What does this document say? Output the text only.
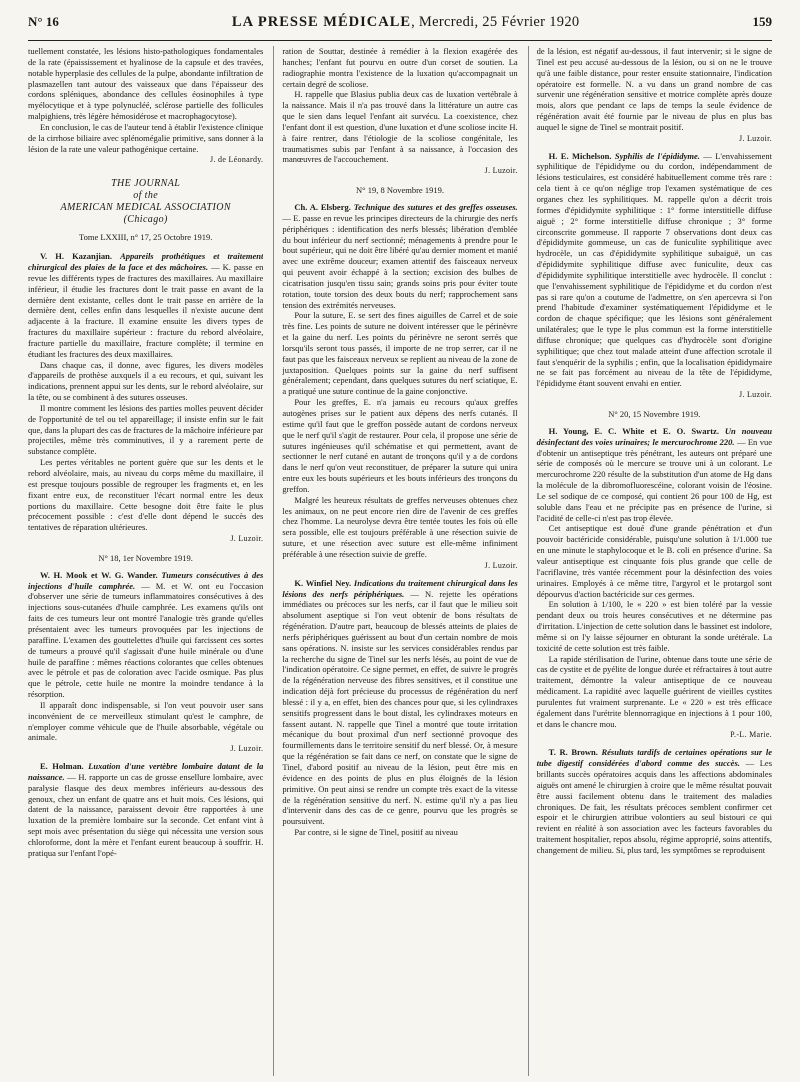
N° 16	LA PRESSE MÉDICALE, Mercredi, 25 Février 1920	159

tuellement constatée, les lésions histo-pathologiques fondamentales de la rate (épaississement et hyalinose de la capsule et des travées, notable hyperplasie des cellules de la pulpe, abondante infiltration de plasmazellen tant autour des vaisseaux que dans l'épaisseur des cordons spléniques, abondance des cellules éosinophiles à type myélocytique et à type polynucléé, sclérose partielle des follicules malpighiens, très légère hémosidérose et macrophagocytose).

En conclusion, le cas de l'auteur tend à établir l'existence clinique de la cirrhose biliaire avec splénomégalie primitive, sans donner à la lésion de la rate une valeur pathogénique certaine.

J. de Léonardy.
THE JOURNAL
of the
AMERICAN MEDICAL ASSOCIATION
(Chicago)
Tome LXXIII, n° 17, 25 Octobre 1919.

V. H. Kazanjian. Appareils prothétiques et traitement chirurgical des plaies de la face et des mâchoires. — K. passe en revue les différents types de fractures des maxillaires. Au maxillaire inférieur, il étudie les fractures dont le trait passe en avant de la dernière dent existante, celles dont le trait passe en arrière de la dernière dent, celles enfin dans lesquelles il n'existe aucune dent adjacente à la fracture. Il examine ensuite les divers types de fractures du maxillaire supérieur : fracture du rebord alvéolaire, fracture partielle du maxillaire, fracture complète; il termine en étudiant les fractures des deux maxillaires.

Dans chaque cas, il donne, avec figures, les divers modèles d'appareils de prothèse auxquels il a eu recours, et qui, suivant les indications, prennent appui sur les dents, sur le rebord alvéolaire, sur la tête, ou se combinent à des sutures osseuses.

Il montre comment les lésions des parties molles peuvent décider de l'opportunité de tel ou tel appareillage; il insiste enfin sur le fait que, dans la plupart des cas de fractures de la mâchoire inférieure par projectiles, même très comminutives, il y a rarement perte de substance complète.

Les pertes véritables ne portent guère que sur les dents et le rebord alvéolaire, mais, au niveau du corps même du maxillaire, il est presque toujours possible de regrouper les fragments et, en les fixant entre eux, de reconstituer l'écart normal entre les deux portions du maxillaire. Cette besogne doit être faite le plus précocement possible : c'est d'elle dont dépend le succès des tentatives de réparation ultérieures.

J. Luzoir.
N° 18, 1er Novembre 1919.

W. H. Mook et W. G. Wander. Tumeurs consécutives à des injections d'huile camphrée. — M. et W. ont eu l'occasion d'observer une série de tumeurs inflammatoires consécutives à des injections sous-cutanées d'huile camphrée. Les examens qu'ils ont faits de ces tumeurs leur ont montré l'analogie très grande qu'elles présentaient avec les tumeurs provoquées par les injections de paraffine. L'examen des gouttelettes d'huile qui farcissent ces sortes de tumeurs a prouvé qu'il s'agissait d'une huile minérale ou d'une huile de paraffine : mêmes réactions colorantes que celles obtenues avec le pétrole et pas de coloration avec l'acide osmique. Pas plus que le pétrole, cette huile ne montre la moindre tendance à la résorption.

Il apparaît donc indispensable, si l'on veut pouvoir user sans inconvénient de ce merveilleux stimulant qu'est le camphre, de n'employer comme véhicule que de l'huile absorbable, végétale ou animale.

J. Luzoir.

E. Holman. Luxation d'une vertèbre lombaire datant de la naissance. — H. rapporte un cas de grosse ensellure lombaire, avec paralysie flasque des deux membres inférieurs au-dessous des genoux, chez un enfant de quatre ans et huit mois. Ces lésions, qui datent de la naissance, paraissent devoir être rapportées à une luxation de la première lombaire sur la seconde. Cet enfant vint à sept mois avec présentation du siège qui nécessita une version sous chloroforme, dont la mère et l'enfant eurent beaucoup à souffrir. H. pratiqua sur l'enfant l'opé-

ration de Souttar, destinée à remédier à la flexion exagérée des hanches; l'enfant fut pourvu en outre d'un corset de soutien. La radiographie montra l'existence de la luxation qu'accompagnait un certain degré de scoliose.

H. rappelle que Blasius publia deux cas de luxation vertébrale à la naissance. Mais il n'a pas trouvé dans la littérature un autre cas que le sien dans lequel l'enfant ait survécu. La coexistence, chez l'enfant dont il est question, d'une luxation et d'une scoliose incite H. à faire rentrer, dans l'étiologie de la scoliose congénitale, les traumatismes subis par l'enfant à sa naissance, à l'occasion des manœuvres de l'accouchement.

J. Luzoir.
N° 19, 8 Novembre 1919.

Ch. A. Elsberg. Technique des sutures et des greffes osseuses. — E. passe en revue les principes directeurs de la chirurgie des nerfs périphériques : identification des nerfs blessés; libération d'emblée du bout inférieur du nerf sectionné; ménagements à prendre pour le bout supérieur, qui ne doit être libéré qu'au dernier moment et manié avec une extrême douceur; examen attentif des faisceaux nerveux qui peuvent avoir échappé à la section; excision des bulbes de cicatrisation jusqu'en tissu sain; grands soins pris pour éviter toute rotation, toute torsion des deux bouts du nerf; rapprochement sans tension des extrémités nerveuses.

Pour la suture, E. se sert des fines aiguilles de Carrel et de soie très fine. Les points de suture ne doivent intéresser que le périnèvre et la gaine du nerf. Les points du périnèvre ne seront serrés que lorsqu'ils seront tous passés, il importe de ne trop serrer, car il ne faut pas que les faisceaux nerveux se replient au niveau de la zone de juxtaposition. Quelques points sur la gaine du nerf suffisent généralement; cependant, dans quelques sutures du nerf sciatique, E. a pratiqué une suture continue de la gaine conjonctive.

Pour les greffes, E. n'a jamais eu recours qu'aux greffes autogènes prises sur le patient aux dépens des nerfs cutanés. Il estime qu'il faut que le greffon possède autant de cordons nerveux que le nerf qu'il s'agit de restaurer. Pour cela, il propose une série de sutures ingénieuses qu'il schématise et qui permettent, avant de sectionner le nerf cutané en autant de tronçons qu'il y a de cordons dans le nerf qu'on veut reconstituer, de préparer la suture qui unira entre eux les bouts supérieurs et les bouts inférieurs des tronçons du greffon.

Malgré les heureux résultats de greffes nerveuses obtenues chez les animaux, on ne peut encore rien dire de l'avenir de ces greffes chez l'homme. La neurolyse devra être tentée toutes les fois où elle sera possible, elle est toujours préférable à une résection suivie de suture, et une résection avec suture est elle-même infiniment préférable à une résection suivie de greffe.

J. Luzoir.

K. Winfiel Ney. Indications du traitement chirurgical dans les lésions des nerfs périphériques. — N. rejette les opérations immédiates ou précoces sur les nerfs, car il faut que le milieu soit absolument aseptique si l'on veut obtenir de bons résultats de régénération. D'autre part, beaucoup de blessés atteints de plaies de nerfs périphériques guérissent au bout d'un certain nombre de mois sans opérations. N. insiste sur les services considérables rendus par la recherche du signe de Tinel sur les nerfs lésés, au point de vue de l'indication opératoire. Ce signe permet, en effet, de suivre le progrès de la régénération nerveuse des fibres sensitives, et il constitue une indication déjà fort précieuse du processus de régénération du nerf blessé : il y a, en effet, bien des chances pour que, si les cylindraxes sensitifs progressent dans le bout distal, les cylindraxes moteurs en fassent autant. N. rappelle que Tinel a montré que toute irritation mécanique du bout proximal d'un nerf sectionné provoque des fourmillements dans le territoire sensitif du nerf blessé. Or, à mesure que la régénération se fait dans ce nerf, on constate que le signe de Tinel, d'abord positif au niveau de la lésion, peut être mis en évidence en des points de plus en plus éloignés de la lésion primitive. On peut ainsi se rendre un compte très exact de la vitesse de la régénération sensitive du nerf. N. estime qu'il n'y a pas lieu d'intervenir dans des cas de ce genre, pourvu que les progrès se poursuivent.

Par contre, si le signe de Tinel, positif au niveau

de la lésion, est négatif au-dessous, il faut intervenir; si le signe de Tinel est peu accusé au-dessous de la lésion, ou si on ne le trouve qu'à une faible distance, pour rester ensuite stationnaire, l'indication opératoire est formelle. N. a vu dans un grand nombre de cas survenir une régénération sensitive et motrice complète après douze mois, alors que pendant ce laps de temps la seule évidence de régénération avait été fournie par le niveau de plus en plus bas auquel le signe de Tinel se montrait positif.

J. Luzoir.

H. E. Michelson. Syphilis de l'épididyme. — L'envahissement syphilitique de l'épididyme ou du cordon, indépendamment de lésions testiculaires, est considéré habituellement comme très rare : cela tient à ce qu'on néglige trop l'examen systématique de ces organes chez les syphilitiques. M. rappelle qu'on a décrit trois formes d'épididymite syphilitique : 1° forme interstitielle diffuse aiguë ; 2° forme interstitielle diffuse chronique ; 3° forme circonscrite gommeuse. Il rapporte 7 observations dont deux cas d'épididymite gommeuse, un cas de funiculite syphilitique avec hydrocèle, un cas d'épididymite syphilitique subaiguë, un cas d'épididymite syphilitique diffuse avec funiculite, deux cas d'épididymite syphilitique interstitielle avec hydrocèle. Il conclut : que l'envahissement syphilitique de l'épididyme et du cordon n'est pas si rare qu'on a coutume de l'admettre, on s'en apercevra si l'on prend l'habitude d'examiner systématiquement l'épididyme et le cordon de chaque spécifique; que les lésions sont généralement unilatérales; que le type le plus commun est la forme interstitielle diffuse chronique; que quelques cas d'hydrocèle sont d'origine syphilitique; que chez tout malade atteint d'une affection scrotale il faut s'enquérir de la syphilis ; enfin, que la localisation épididymaire ne se fait pas forcément au niveau de la tête de l'épididyme, l'épididyme étant souvent envahi en entier.

J. Luzoir.
N° 20, 15 Novembre 1919.

H. Young, E. C. White et E. O. Swartz. Un nouveau désinfectant des voies urinaires; le mercurochrome 220. — En vue d'obtenir un antiseptique très pénétrant, les auteurs ont préparé une série de composés où le mercure se trouve uni à un colorant. Le mercurochrome 220 résulte de la substitution d'un atome de Hg dans la molécule de la dibromofluorescéine, colorant voisin de l'éosine. Le sel sodique de ce composé, qui contient 26 pour 100 de Hg, est soluble dans l'eau et ne précipite pas en présence de l'urine, si l'acidité de celle-ci n'est pas trop élevée.

Cet antiseptique est doué d'une grande pénétration et d'un pouvoir bactéricide considérable, puisqu'une solution à 1/1.000 tue en une minute le staphylocoque et le B. coli en présence d'urine. Sa valeur antiseptique est cinquante fois plus grande que celle de l'acriflavine, très vantée récemment pour la désinfection des voies urinaires. Employés à ce même titre, l'argyrol et le protargol sont dépourvus d'action bactéricide sur ces germes.

En solution à 1/100, le « 220 » est bien toléré par la vessie pendant deux ou trois heures consécutives et ne détermine pas d'irritation. L'injection de cette solution dans le bassinet est indolore, même si on l'y laisse séjourner en obturant la sonde urétérale. La toxicité de cette solution est très faible.

La rapide stérilisation de l'urine, obtenue dans toute une série de cas de cystite et de pyélite de longue durée et réfractaires à tout autre traitement, démontre la valeur antiseptique de ce nouveau médicament. La rapidité avec laquelle guérirent de vieilles cystites purulentes fut vraiment surprenante. Le « 220 » est très efficace également dans l'urétrite blennorragique en injections à 1 pour 100, et dans le chancre mou.

P.-L. Marie.

T. R. Brown. Résultats tardifs de certaines opérations sur le tube digestif considérées d'abord comme des succès. — Les brillants succès opératoires acquis dans les affections abdominales aiguës ont amené le chirurgien à croire que le même résultat pouvait être aussi facilement obtenu dans le traitement des maladies chroniques. De fait, les résultats précoces semblent confirmer cet espoir et le chirurgien attribue volontiers au seul bistouri ce qui revient en réalité à son association avec les facteurs favorables du traitement hospitalier, repos absolu, régime approprié, soins attentifs, changement de milieu. Si, plus tard, les symptômes se reproduisent
